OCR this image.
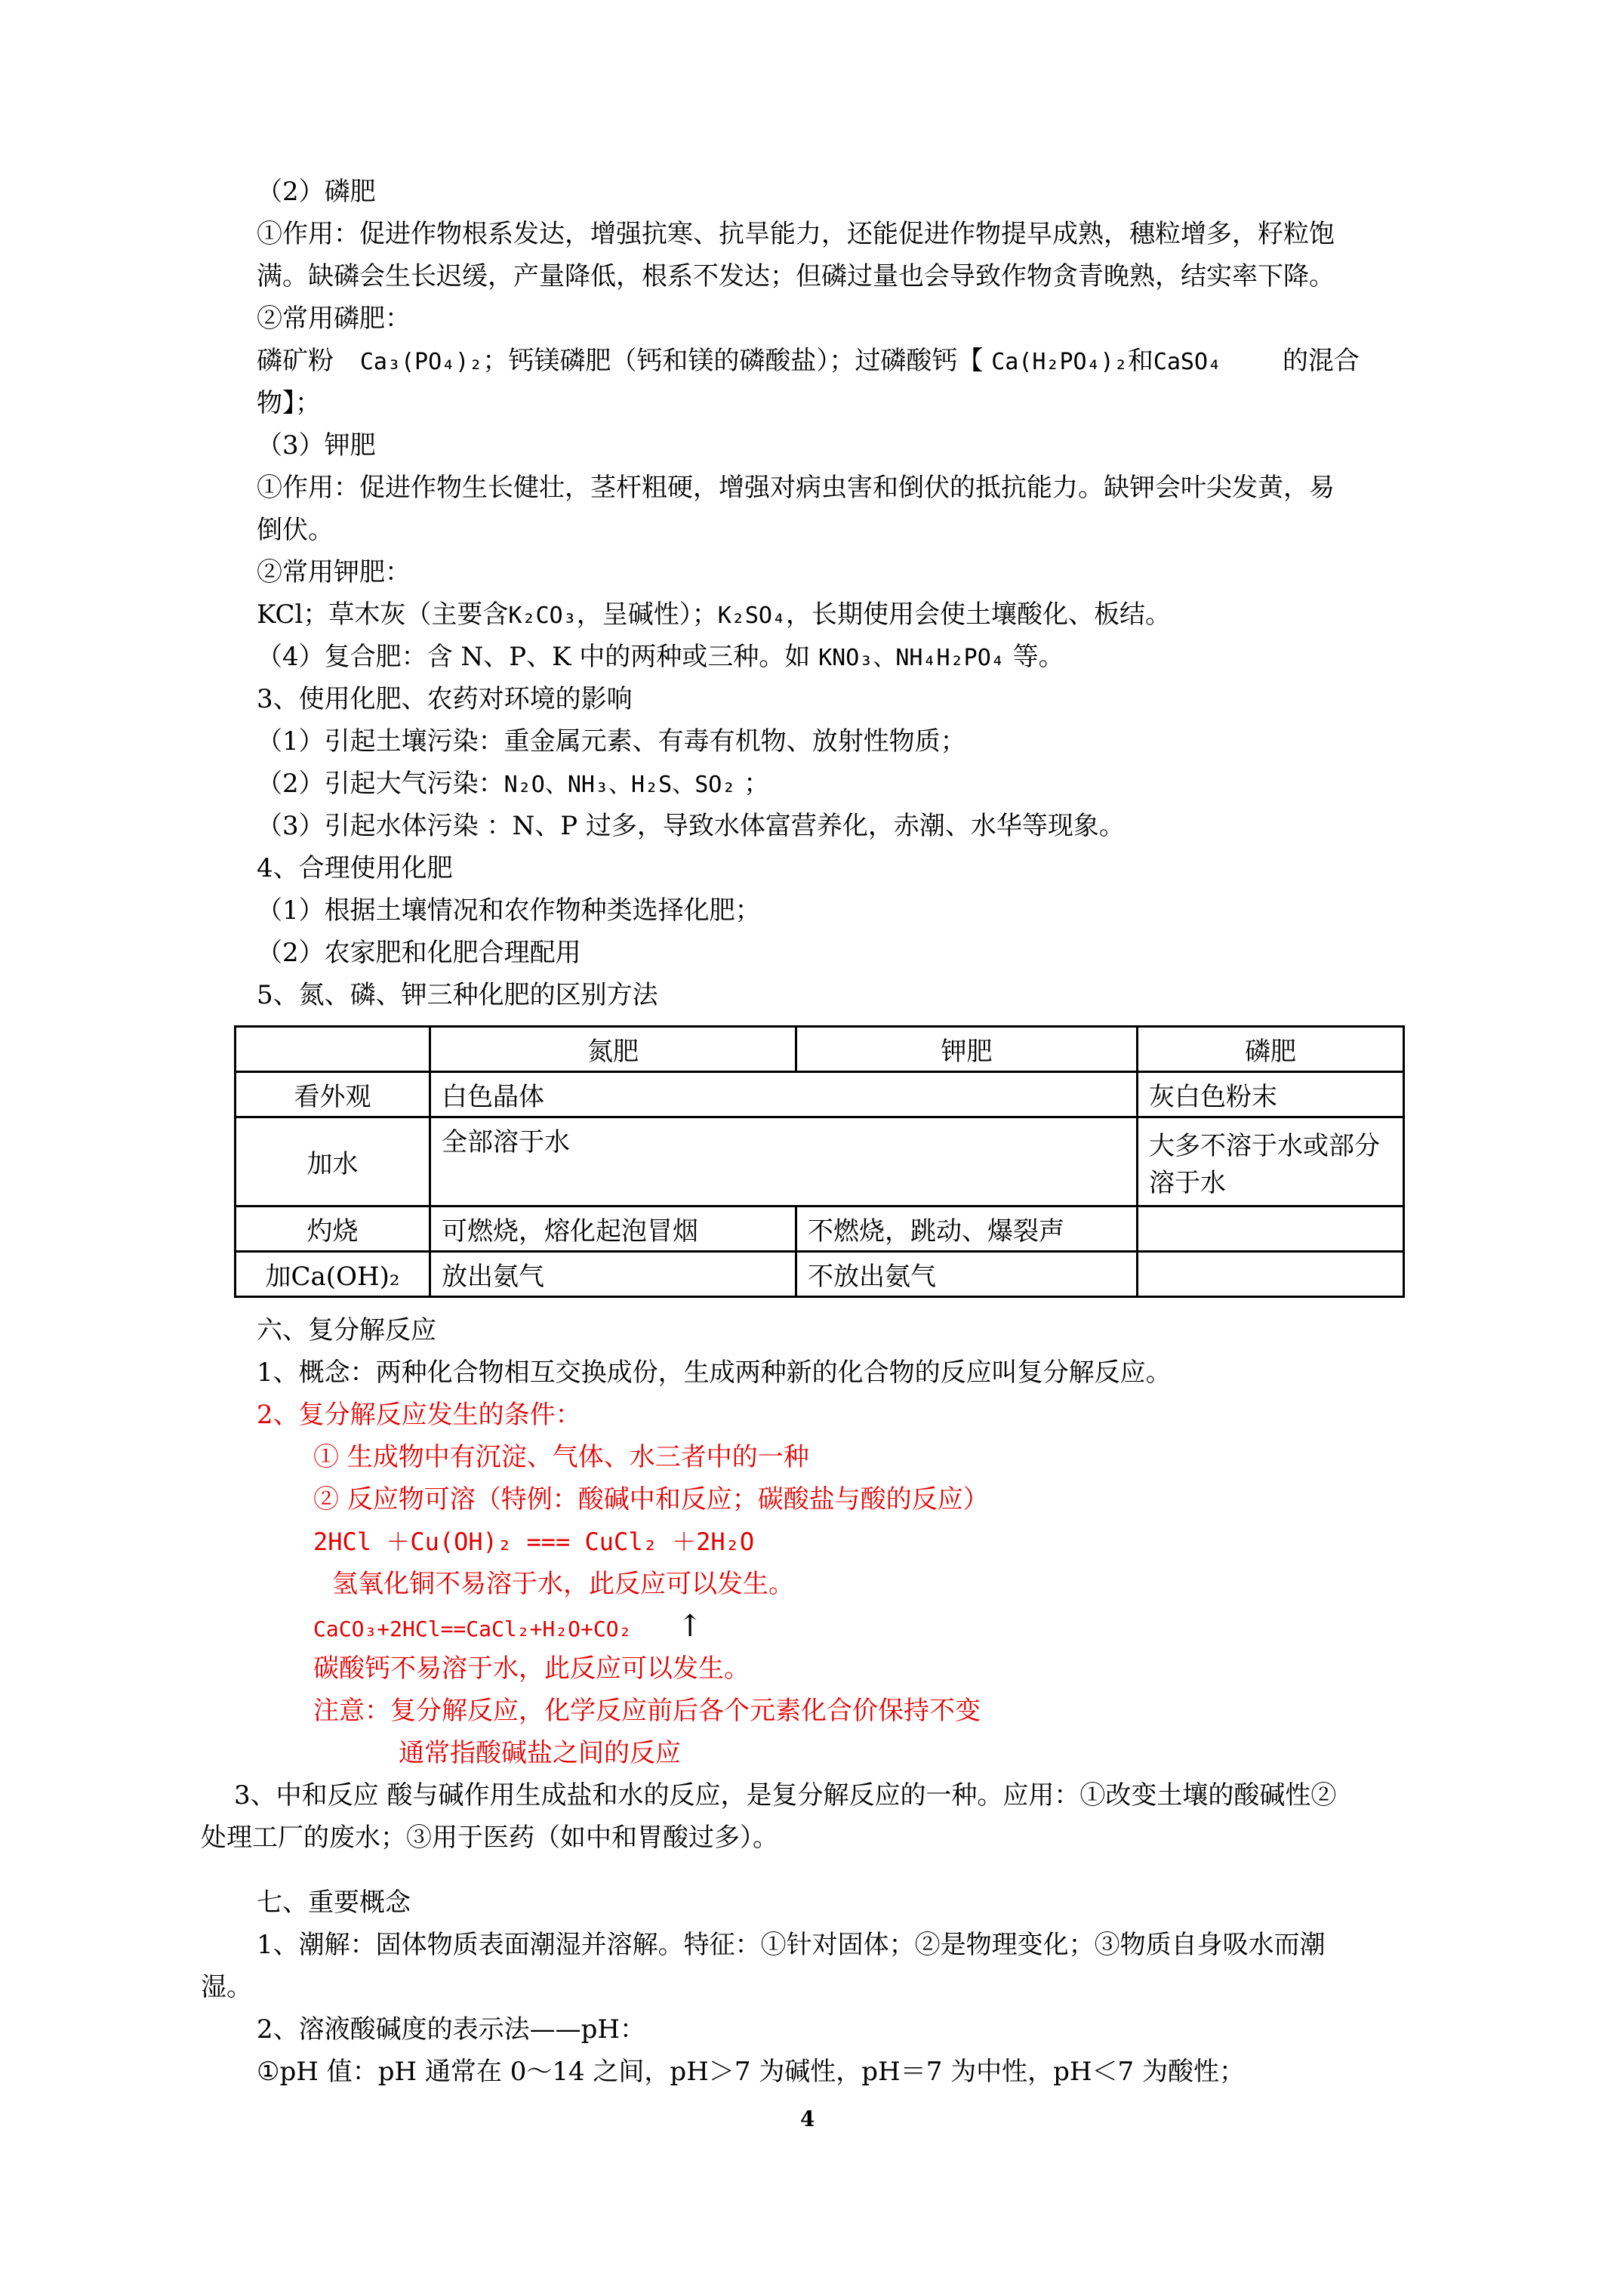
（2）磷肥
①作用：促进作物根系发达，增强抗寒、抗旱能力，还能促进作物提早成熟，穗粒增多，籽粒饱
满。缺磷会生长迟缓，产量降低，根系不发达；但磷过量也会导致作物贪青晚熟，结实率下降。
②常用磷肥：
磷矿粉 Ca₃(PO₄)₂；钙镁磷肥（钙和镁的磷酸盐）；过磷酸钙【 Ca(H₂PO₄)₂和CaSO₄ 的混合
物】；
（3）钾肥
①作用：促进作物生长健壮，茎杆粗硬，增强对病虫害和倒伏的抵抗能力。缺钾会叶尖发黄，易
倒伏。
②常用钾肥：
KCl；草木灰（主要含K₂CO₃，呈碱性）；K₂SO₄，长期使用会使土壤酸化、板结。
（4）复合肥：含 N、P、K 中的两种或三种。如 KNO₃、NH₄H₂PO₄ 等。
3、使用化肥、农药对环境的影响
（1）引起土壤污染：重金属元素、有毒有机物、放射性物质；
（2）引起大气污染：N₂O、NH₃、H₂S、SO₂ ；
（3）引起水体污染 ：N、P 过多，导致水体富营养化，赤潮、水华等现象。
4、合理使用化肥
（1）根据土壤情况和农作物种类选择化肥；
（2）农家肥和化肥合理配用
5、氮、磷、钾三种化肥的区别方法
	氮肥	钾肥	磷肥
看外观	白色晶体		灰白色粉末
加水	全部溶于水		大多不溶于水或部分溶于水
灼烧	可燃烧，熔化起泡冒烟	不燃烧，跳动、爆裂声	
加Ca(OH)₂	放出氨气	不放出氨气	
六、复分解反应
1、概念：两种化合物相互交换成份，生成两种新的化合物的反应叫复分解反应。
2、复分解反应发生的条件：
① 生成物中有沉淀、气体、水三者中的一种
② 反应物可溶（特例：酸碱中和反应；碳酸盐与酸的反应）
2HCl ＋Cu(OH)₂ === CuCl₂ ＋2H₂O
氢氧化铜不易溶于水，此反应可以发生。
CaCO₃+2HCl==CaCl₂+H₂O+CO₂ ↑
碳酸钙不易溶于水，此反应可以发生。
注意：复分解反应，化学反应前后各个元素化合价保持不变
通常指酸碱盐之间的反应
3、中和反应 酸与碱作用生成盐和水的反应，是复分解反应的一种。应用：①改变土壤的酸碱性②
处理工厂的废水；③用于医药（如中和胃酸过多）。
七、重要概念
1、潮解：固体物质表面潮湿并溶解。特征：①针对固体；②是物理变化；③物质自身吸水而潮
湿。
2、溶液酸碱度的表示法——pH：
①pH 值：pH 通常在 0～14 之间，pH＞7 为碱性，pH＝7 为中性，pH＜7 为酸性；
4
